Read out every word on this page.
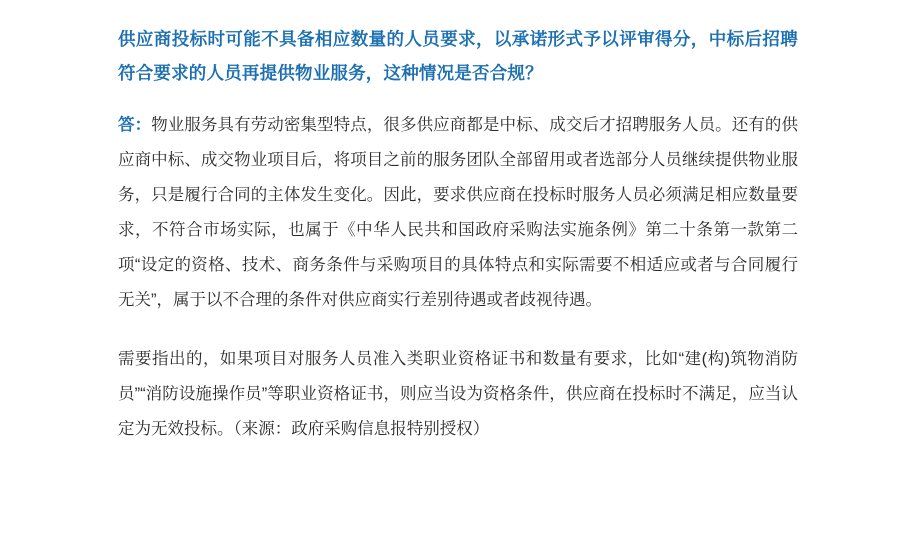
供应商投标时可能不具备相应数量的人员要求，以承诺形式予以评审得分，中标后招聘符合要求的人员再提供物业服务，这种情况是否合规？

答：物业服务具有劳动密集型特点，很多供应商都是中标、成交后才招聘服务人员。还有的供应商中标、成交物业项目后，将项目之前的服务团队全部留用或者选部分人员继续提供物业服务，只是履行合同的主体发生变化。因此，要求供应商在投标时服务人员必须满足相应数量要求，不符合市场实际，也属于《中华人民共和国政府采购法实施条例》第二十条第一款第二项“设定的资格、技术、商务条件与采购项目的具体特点和实际需要不相适应或者与合同履行无关”，属于以不合理的条件对供应商实行差别待遇或者歧视待遇。

需要指出的，如果项目对服务人员准入类职业资格证书和数量有要求，比如“建(构)筑物消防员”“消防设施操作员”等职业资格证书，则应当设为资格条件，供应商在投标时不满足，应当认定为无效投标。（来源：政府采购信息报特别授权）
